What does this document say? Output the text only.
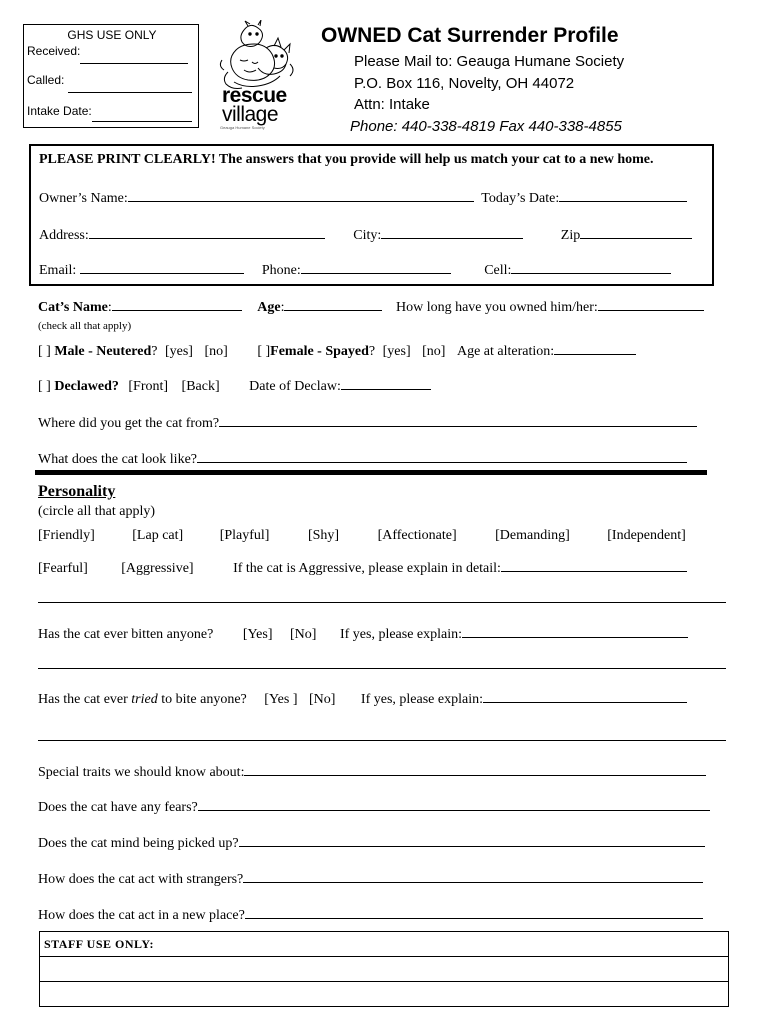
GHS USE ONLY
Received:
Called:
Intake Date:
rescue
village
Geauga Humane Society
OWNED Cat Surrender Profile
Please Mail to: Geauga Humane Society
P.O. Box 116, Novelty, OH 44072
Attn: Intake
Phone: 440-338-4819 Fax 440-338-4855
PLEASE PRINT CLEARLY! The answers that you provide will help us match your cat to a new home.
Owner’s Name:	Today’s Date:
Address:	City:	Zip
Email:	Phone:	Cell:
Cat’s Name:	Age:	How long have you owned him/her:
(check all that apply)
[ ] Male - Neutered? [yes] [no] [ ]Female - Spayed? [yes] [no] Age at alteration:
[ ] Declawed? [Front] [Back] Date of Declaw:
Where did you get the cat from?
What does the cat look like?
Personality
(circle all that apply)
[Friendly]	[Lap cat]	[Playful]	[Shy]	[Affectionate]	[Demanding]	[Independent]
[Fearful] [Aggressive]	If the cat is Aggressive, please explain in detail:
Has the cat ever bitten anyone? [Yes] [No] If yes, please explain:
Has the cat ever tried to bite anyone? [Yes ] [No] If yes, please explain:
Special traits we should know about:
Does the cat have any fears?
Does the cat mind being picked up?
How does the cat act with strangers?
How does the cat act in a new place?
STAFF USE ONLY:
